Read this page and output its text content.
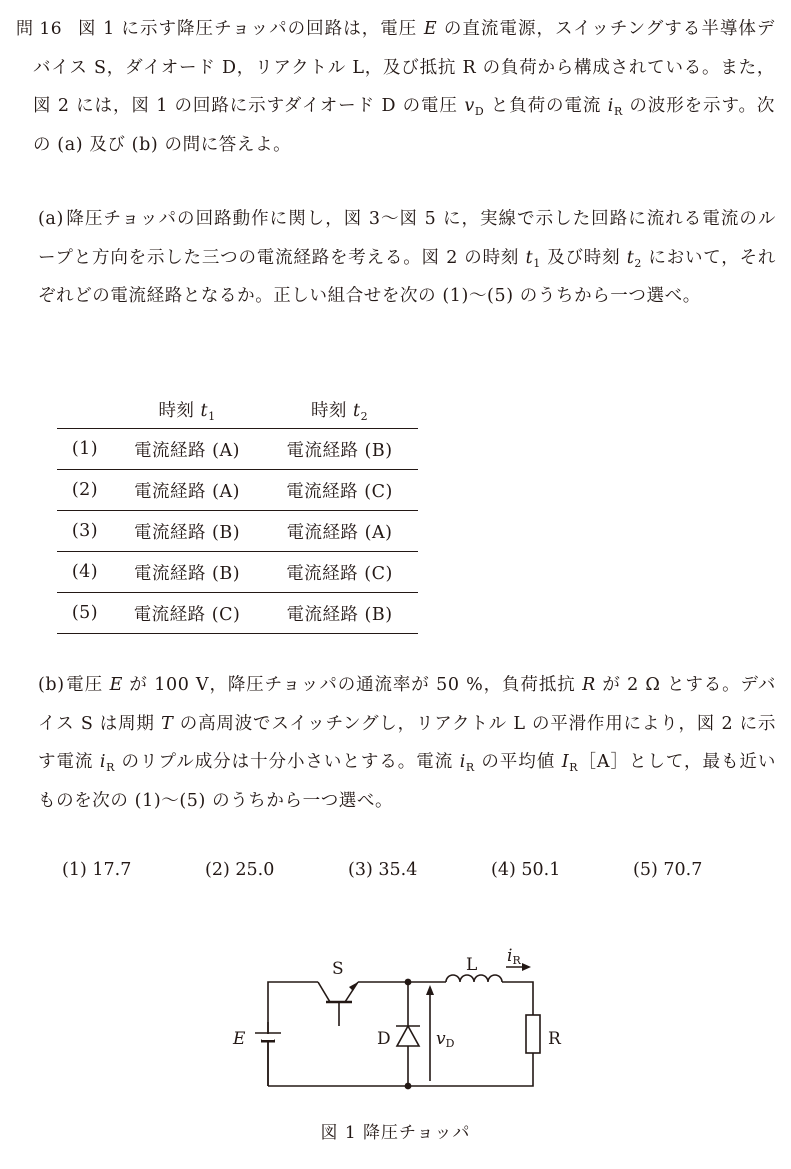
問 16 図 1 に示す降圧チョッパの回路は，電圧 E の直流電源，スイッチングする半導体デバイス S，ダイオード D，リアクトル L，及び抵抗 R の負荷から構成されている。また，図 2 には，図 1 の回路に示すダイオード D の電圧 $v_D$ と負荷の電流 $i_R$ の波形を示す。次の (a) 及び (b) の問に答えよ。
(a) 降圧チョッパの回路動作に関し，図 3〜図 5 に，実線で示した回路に流れる電流のループと方向を示した三つの電流経路を考える。図 2 の時刻 $t_1$ 及び時刻 $t_2$ において，それぞれどの電流経路となるか。正しい組合せを次の (1)〜(5) のうちから一つ選べ。
	時刻 $t_1$	時刻 $t_2$
(1)	電流経路 (A)	電流経路 (B)
(2)	電流経路 (A)	電流経路 (C)
(3)	電流経路 (B)	電流経路 (A)
(4)	電流経路 (B)	電流経路 (C)
(5)	電流経路 (C)	電流経路 (B)
(b)電圧 E が 100 V，降圧チョッパの通流率が 50 %，負荷抵抗 R が 2 Ω とする。デバイス S は周期 T の高周波でスイッチングし，リアクトル L の平滑作用により，図 2 に示す電流 $i_R$ のリプル成分は十分小さいとする。電流 $i_R$ の平均値 $I_R[A]$として，最も近いものを次の (1)〜(5) のうちから一つ選べ。
(1) 17.7	(2) 25.0	(3) 35.4	(4) 50.1	(5) 70.7
S	L iR
E	D	vD	R
図 1 降圧チョッパ
